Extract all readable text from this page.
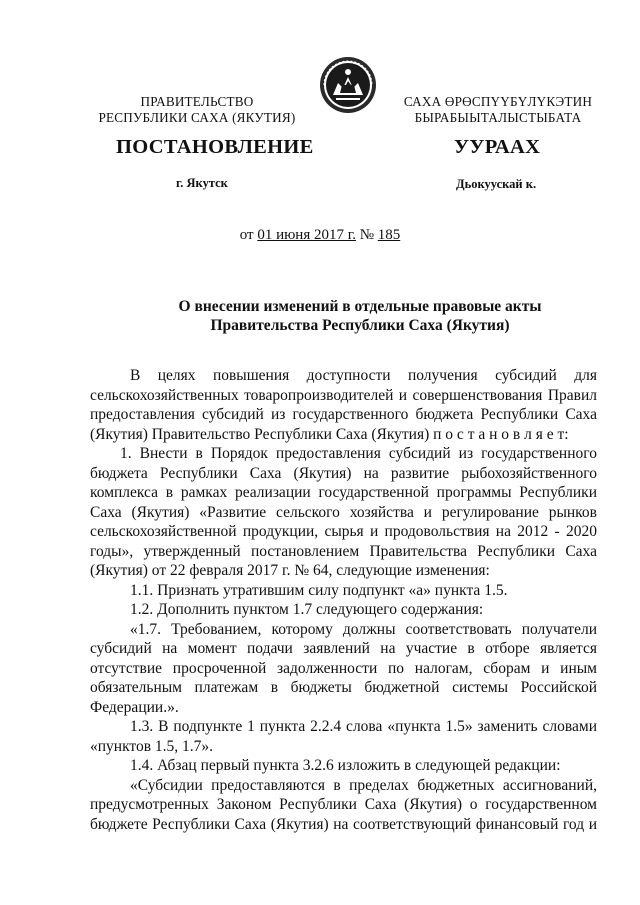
ПРАВИТЕЛЬСТВО
РЕСПУБЛИКИ САХА (ЯКУТИЯ)
САХА ӨРӨСПҮҮБҮЛҮКЭТИН
БЫРАБЫЫТАЛЫСТЫБАТА
ПОСТАНОВЛЕНИЕ	УУРААХ
г. Якутск	Дьокуускай к.
от 01 июня 2017 г. № 185
О внесении изменений в отдельные правовые акты
Правительства Республики Саха (Якутия)

В целях повышения доступности получения субсидий для сельскохозяйственных товаропроизводителей и совершенствования Правил предоставления субсидий из государственного бюджета Республики Саха (Якутия) Правительство Республики Саха (Якутия) п о с т а н о в л я е т:

1. Внести в Порядок предоставления субсидий из государственного бюджета Республики Саха (Якутия) на развитие рыбохозяйственного комплекса в рамках реализации государственной программы Республики Саха (Якутия) «Развитие сельского хозяйства и регулирование рынков сельскохозяйственной продукции, сырья и продовольствия на 2012 - 2020 годы», утвержденный постановлением Правительства Республики Саха (Якутия) от 22 февраля 2017 г. № 64, следующие изменения:

1.1. Признать утратившим силу подпункт «а» пункта 1.5.

1.2. Дополнить пунктом 1.7 следующего содержания:

«1.7. Требованием, которому должны соответствовать получатели субсидий на момент подачи заявлений на участие в отборе является отсутствие просроченной задолженности по налогам, сборам и иным обязательным платежам в бюджеты бюджетной системы Российской Федерации.».

1.3. В подпункте 1 пункта 2.2.4 слова «пункта 1.5» заменить словами «пунктов 1.5, 1.7».

1.4. Абзац первый пункта 3.2.6 изложить в следующей редакции:

«Субсидии предоставляются в пределах бюджетных ассигнований, предусмотренных Законом Республики Саха (Якутия) о государственном бюджете Республики Саха (Якутия) на соответствующий финансовый год и
